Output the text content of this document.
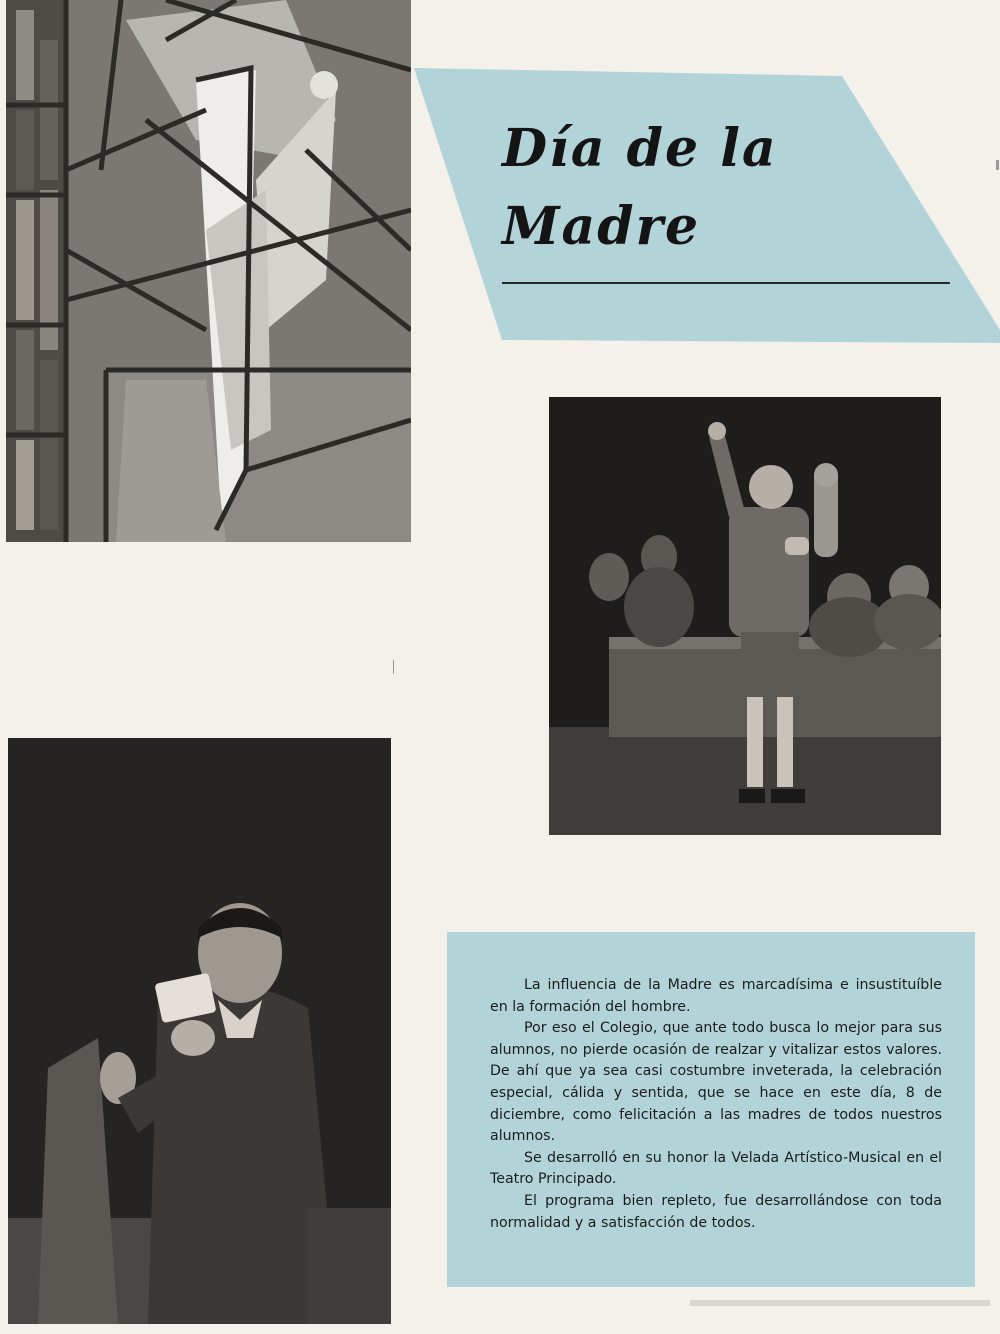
Día de la
Madre

La influencia de la Madre es marcadísima e insustituíble en la formación del hombre.

Por eso el Colegio, que ante todo busca lo mejor para sus alumnos, no pierde ocasión de realzar y vitalizar estos valores. De ahí que ya sea casi costumbre inveterada, la celebración especial, cálida y sentida, que se hace en este día, 8 de diciembre, como felicitación a las madres de todos nuestros alumnos.

Se desarrolló en su honor la Velada Artístico-Musical en el Teatro Principado.

El programa bien repleto, fue desarrollándose con toda normalidad y a satisfacción de todos.
